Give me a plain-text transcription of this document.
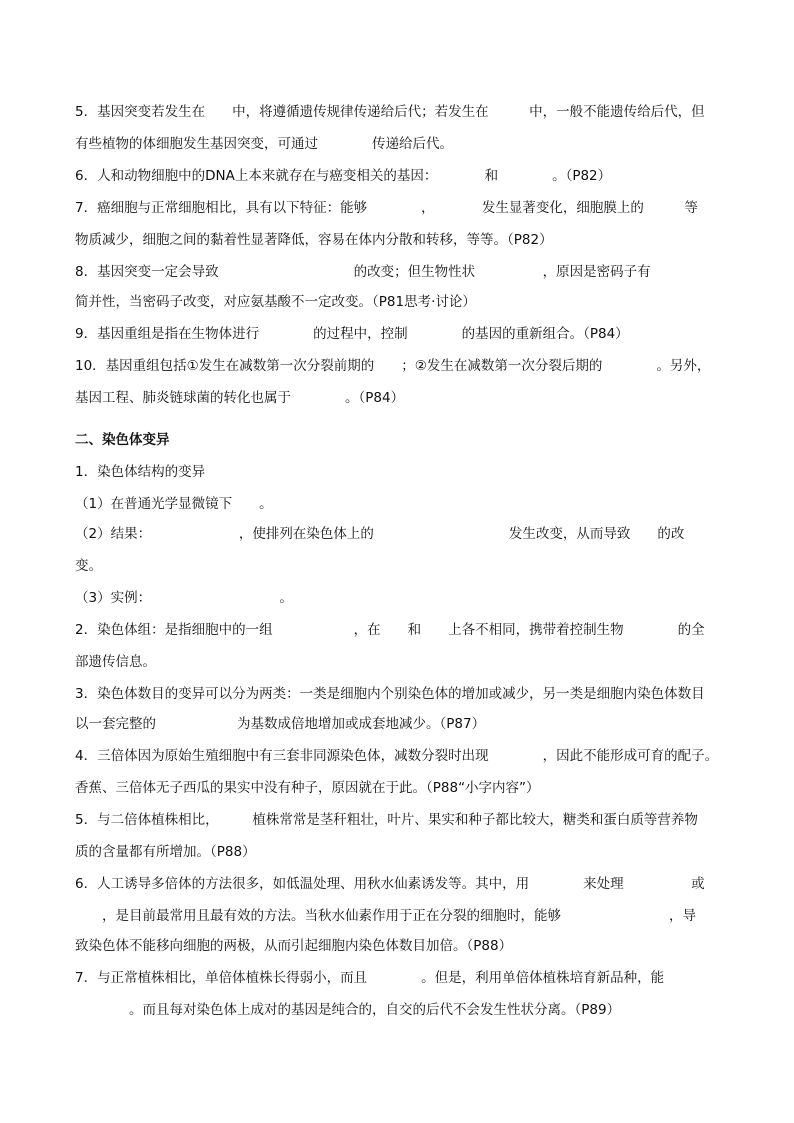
5．基因突变若发生在　　中，将遵循遗传规律传递给后代；若发生在　　　中，一般不能遗传给后代，但
有些植物的体细胞发生基因突变，可通过　　　　传递给后代。
6．人和动物细胞中的DNA上本来就存在与癌变相关的基因：　　　　和　　　　。（P82）
7．癌细胞与正常细胞相比，具有以下特征：能够　　　　，　　　　发生显著变化，细胞膜上的　　　等
物质减少，细胞之间的黏着性显著降低，容易在体内分散和转移，等等。（P82）
8．基因突变一定会导致　　　　　　　　　　的改变；但生物性状　　　　　，原因是密码子有
简并性，当密码子改变，对应氨基酸不一定改变。（P81思考·讨论）
9．基因重组是指在生物体进行　　　　的过程中，控制　　　　的基因的重新组合。（P84）
10．基因重组包括①发生在减数第一次分裂前期的　　；②发生在减数第一次分裂后期的　　　　。另外，
基因工程、肺炎链球菌的转化也属于　　　　。（P84）
二、染色体变异
1．染色体结构的变异
（1）在普通光学显微镜下　　。
（2）结果：　　　　　　　，使排列在染色体上的　　　　　　　　　　发生改变，从而导致　　的改
变。
（3）实例：　　　　　　　　　　。
2．染色体组：是指细胞中的一组　　　　　　，在　　和　　上各不相同，携带着控制生物　　　　的全
部遗传信息。
3．染色体数目的变异可以分为两类：一类是细胞内个别染色体的增加或减少，另一类是细胞内染色体数目
以一套完整的　　　　　　为基数成倍地增加或成套地减少。（P87）
4．三倍体因为原始生殖细胞中有三套非同源染色体，减数分裂时出现　　　　，因此不能形成可育的配子。
香蕉、三倍体无子西瓜的果实中没有种子，原因就在于此。（P88“小字内容”）
5．与二倍体植株相比，　　　植株常常是茎秆粗壮，叶片、果实和种子都比较大，糖类和蛋白质等营养物
质的含量都有所增加。（P88）
6．人工诱导多倍体的方法很多，如低温处理、用秋水仙素诱发等。其中，用　　　　来处理　　　　　或
　　，是目前最常用且最有效的方法。当秋水仙素作用于正在分裂的细胞时，能够　　　　　　　　，导
致染色体不能移向细胞的两极，从而引起细胞内染色体数目加倍。（P88）
7．与正常植株相比，单倍体植株长得弱小，而且　　　　。但是，利用单倍体植株培育新品种，能
　　　　。而且每对染色体上成对的基因是纯合的，自交的后代不会发生性状分离。（P89）
